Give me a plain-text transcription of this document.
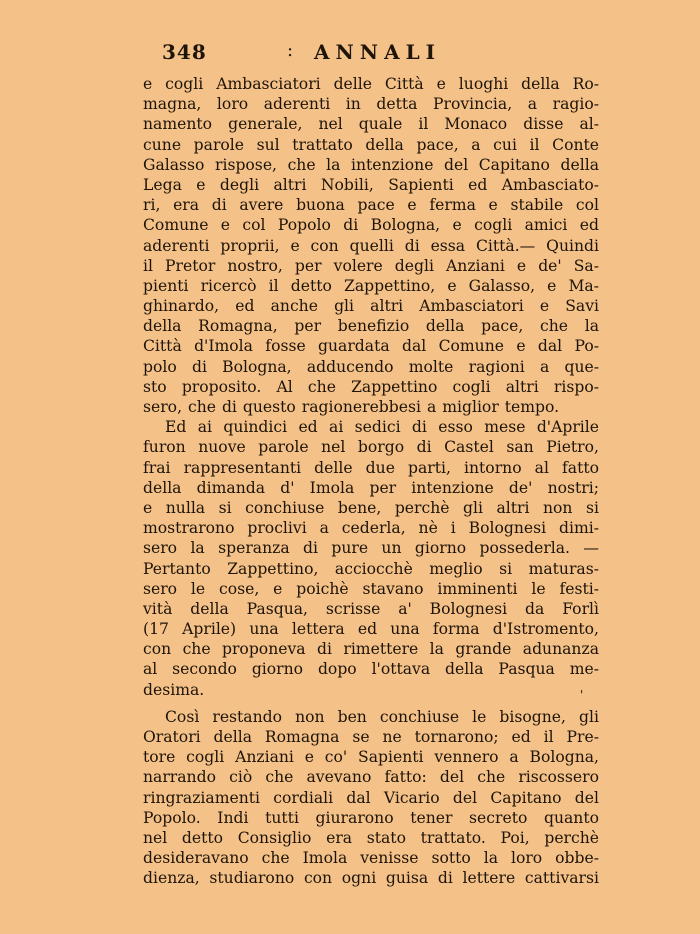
348	: ANNALI
e cogli Ambasciatori delle Città e luoghi della Ro-
magna, loro aderenti in detta Provincia, a ragio-
namento generale, nel quale il Monaco disse al-
cune parole sul trattato della pace, a cui il Conte
Galasso rispose, che la intenzione del Capitano della
Lega e degli altri Nobili, Sapienti ed Ambasciato-
ri, era di avere buona pace e ferma e stabile col
Comune e col Popolo di Bologna, e cogli amici ed
aderenti proprii, e con quelli di essa Città.— Quindi
il Pretor nostro, per volere degli Anziani e de' Sa-
pienti ricercò il detto Zappettino, e Galasso, e Ma-
ghinardo, ed anche gli altri Ambasciatori e Savi
della Romagna, per benefizio della pace, che la
Città d'Imola fosse guardata dal Comune e dal Po-
polo di Bologna, adducendo molte ragioni a que-
sto proposito. Al che Zappettino cogli altri rispo-
sero, che di questo ragionerebbesi a miglior tempo.
Ed ai quindici ed ai sedici di esso mese d'Aprile
furon nuove parole nel borgo di Castel san Pietro,
frai rappresentanti delle due parti, intorno al fatto
della dimanda d' Imola per intenzione de' nostri;
e nulla si conchiuse bene, perchè gli altri non si
mostrarono proclivi a cederla, nè i Bolognesi dimi-
sero la speranza di pure un giorno possederla. —
Pertanto Zappettino, acciocchè meglio si maturas-
sero le cose, e poichè stavano imminenti le festi-
vità della Pasqua, scrisse a' Bolognesi da Forlì
(17 Aprile) una lettera ed una forma d'Istromento,
con che proponeva di rimettere la grande adunanza
al secondo giorno dopo l'ottava della Pasqua me-
desima.
Così restando non ben conchiuse le bisogne, gli
Oratori della Romagna se ne tornarono; ed il Pre-
tore cogli Anziani e co' Sapienti vennero a Bologna,
narrando ciò che avevano fatto: del che riscossero
ringraziamenti cordiali dal Vicario del Capitano del
Popolo. Indi tutti giurarono tener secreto quanto
nel detto Consiglio era stato trattato. Poi, perchè
desideravano che Imola venisse sotto la loro obbe-
dienza, studiarono con ogni guisa di lettere cattivarsi
'
